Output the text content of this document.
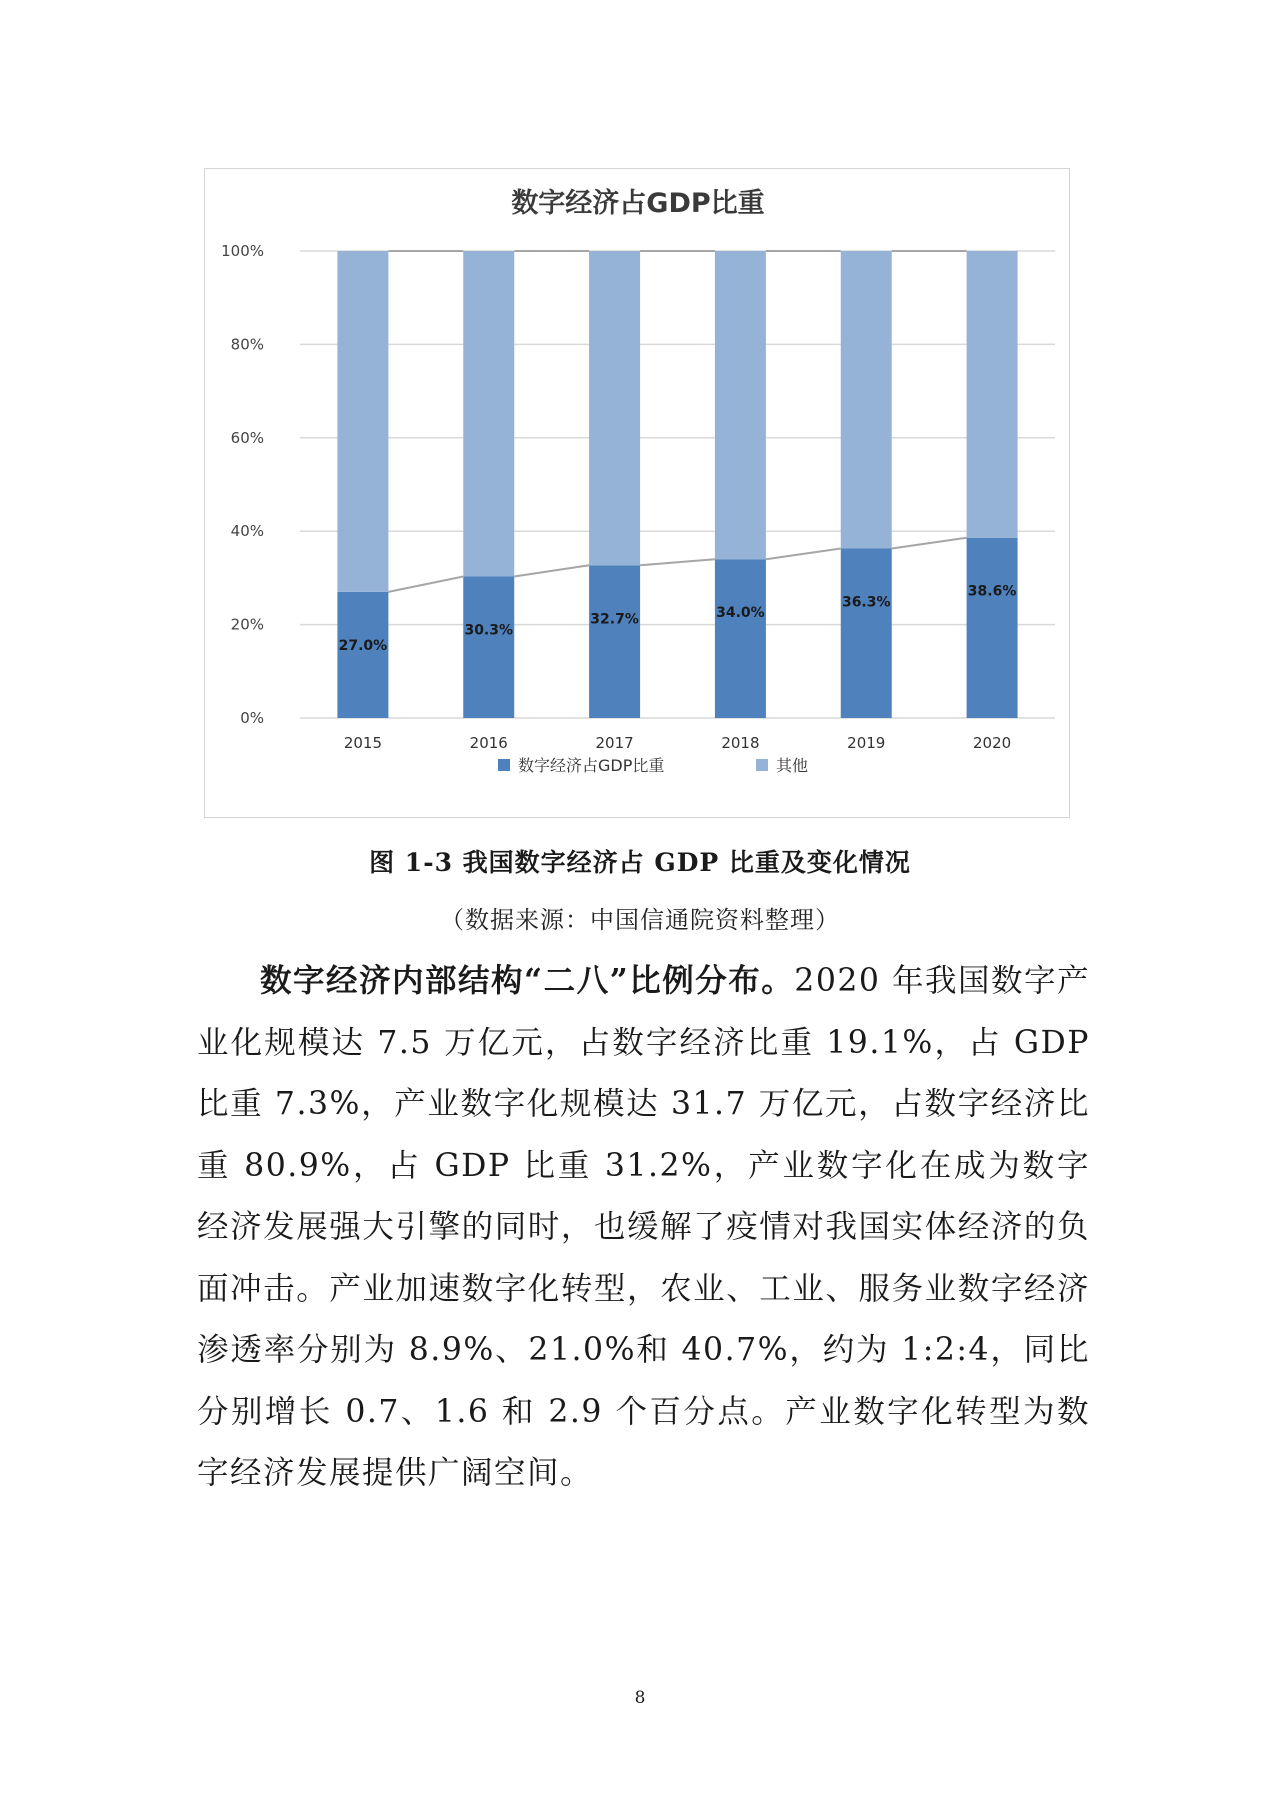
数字经济占GDP比重
27.0%
30.3%
32.7%	34.0%
36.3%
38.6%
0%
20%
40%
60%
80%
100%
2015	2016	2017	2018	2019	2020
数字经济占GDP比重	其他
图 1-3 我国数字经济占 GDP 比重及变化情况
（数据来源：中国信通院资料整理）
数字经济内部结构“二八”比例分布。2020 年我国数字产业化规模达 7.5 万亿元，占数字经济比重 19.1%，占 GDP 比重 7.3%，产业数字化规模达 31.7 万亿元，占数字经济比重 80.9%，占 GDP 比重 31.2%，产业数字化在成为数字经济发展强大引擎的同时，也缓解了疫情对我国实体经济的负面冲击。产业加速数字化转型，农业、工业、服务业数字经济渗透率分别为 8.9%、21.0%和 40.7%，约为 1:2:4，同比分别增长 0.7、1.6 和 2.9 个百分点。产业数字化转型为数字经济发展提供广阔空间。
8
